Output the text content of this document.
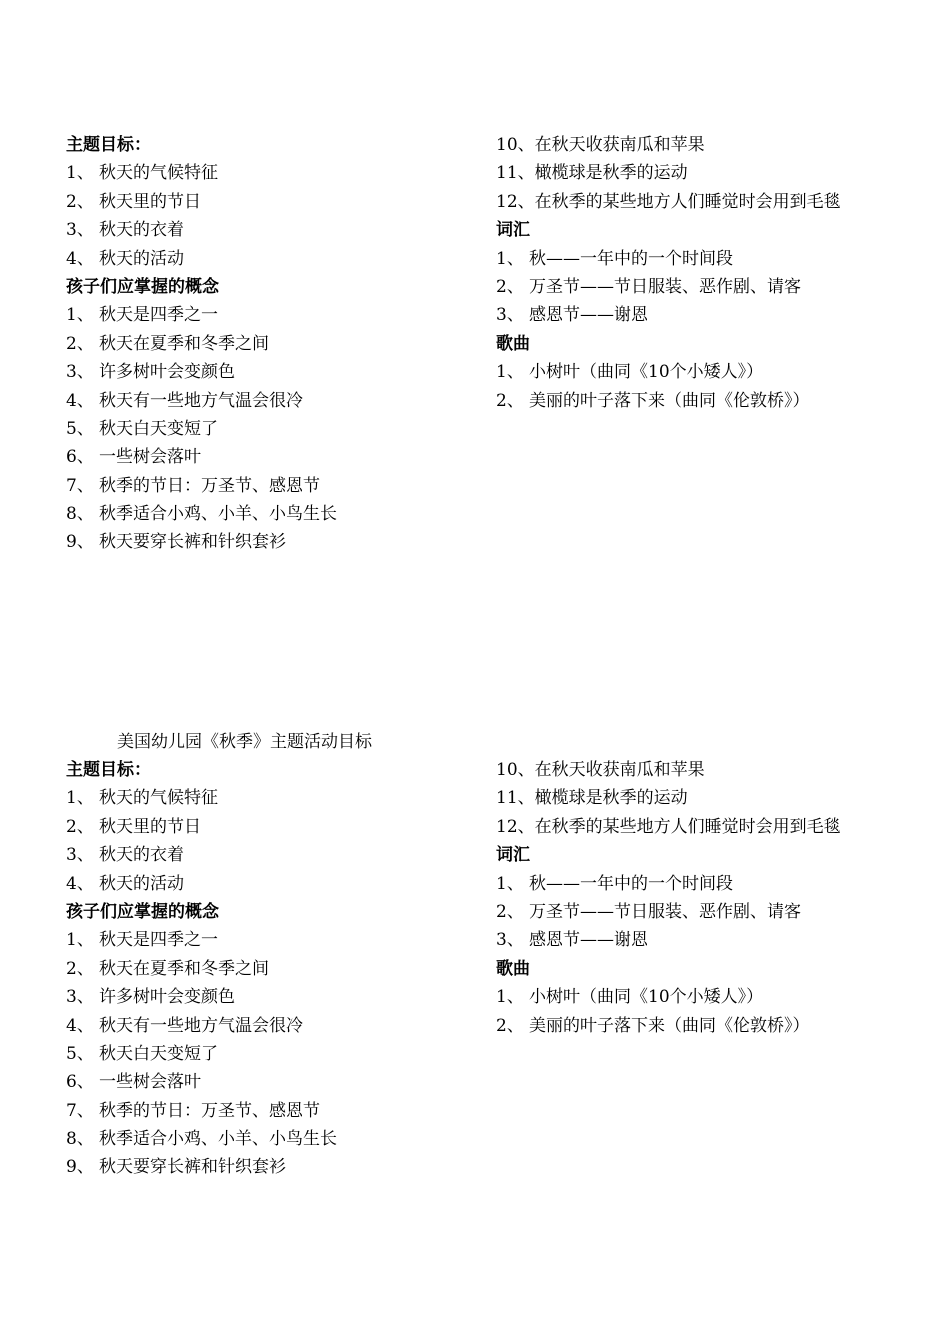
主题目标：
1、 秋天的气候特征
2、 秋天里的节日
3、 秋天的衣着
4、 秋天的活动
孩子们应掌握的概念
1、 秋天是四季之一
2、 秋天在夏季和冬季之间
3、 许多树叶会变颜色
4、 秋天有一些地方气温会很冷
5、 秋天白天变短了
6、 一些树会落叶
7、 秋季的节日：万圣节、感恩节
8、 秋季适合小鸡、小羊、小鸟生长
9、 秋天要穿长裤和针织套衫
10、 在秋天收获南瓜和苹果
11、 橄榄球是秋季的运动
12、 在秋季的某些地方人们睡觉时会用到毛毯
词汇
1、 秋——一年中的一个时间段
2、 万圣节——节日服装、恶作剧、请客
3、 感恩节——谢恩
歌曲
1、 小树叶（曲同《10个小矮人》）
2、 美丽的叶子落下来（曲同《伦敦桥》）
美国幼儿园《秋季》主题活动目标
主题目标：
1、 秋天的气候特征
2、 秋天里的节日
3、 秋天的衣着
4、 秋天的活动
孩子们应掌握的概念
1、 秋天是四季之一
2、 秋天在夏季和冬季之间
3、 许多树叶会变颜色
4、 秋天有一些地方气温会很冷
5、 秋天白天变短了
6、 一些树会落叶
7、 秋季的节日：万圣节、感恩节
8、 秋季适合小鸡、小羊、小鸟生长
9、 秋天要穿长裤和针织套衫
10、 在秋天收获南瓜和苹果
11、 橄榄球是秋季的运动
12、 在秋季的某些地方人们睡觉时会用到毛毯
词汇
1、 秋——一年中的一个时间段
2、 万圣节——节日服装、恶作剧、请客
3、 感恩节——谢恩
歌曲
1、 小树叶（曲同《10个小矮人》）
2、 美丽的叶子落下来（曲同《伦敦桥》）
